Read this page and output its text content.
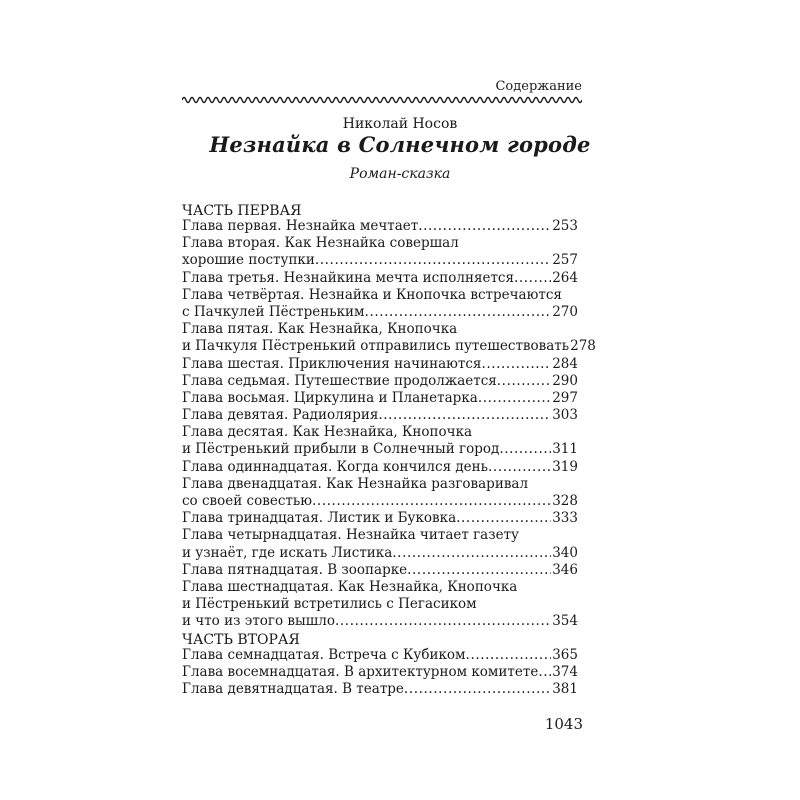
Содержание
Николай Носов
Незнайка в Солнечном городе
Роман-сказка
ЧАСТЬ ПЕРВАЯ
Глава первая. Незнайка мечтает .....	253
Глава вторая. Как Незнайка совершал
хорошие поступки .....	257
Глава третья. Незнайкина мечта исполняется .....	264
Глава четвёртая. Незнайка и Кнопочка встречаются
с Пачкулей Пёстреньким .....	270
Глава пятая. Как Незнайка, Кнопочка
и Пачкуля Пёстренький отправились путешествовать 278
Глава шестая. Приключения начинаются .....	284
Глава седьмая. Путешествие продолжается .....	290
Глава восьмая. Циркулина и Планетарка .....	297
Глава девятая. Радиолярия .....	303
Глава десятая. Как Незнайка, Кнопочка
и Пёстренький прибыли в Солнечный город .....	311
Глава одиннадцатая. Когда кончился день .....	319
Глава двенадцатая. Как Незнайка разговаривал
со своей совестью .....	328
Глава тринадцатая. Листик и Буковка .....	333
Глава четырнадцатая. Незнайка читает газету
и узнаёт, где искать Листика .....	340
Глава пятнадцатая. В зоопарке .....	346
Глава шестнадцатая. Как Незнайка, Кнопочка
и Пёстренький встретились с Пегасиком
и что из этого вышло .....	354
ЧАСТЬ ВТОРАЯ
Глава семнадцатая. Встреча с Кубиком .....	365
Глава восемнадцатая. В архитектурном комитете ..... 374
Глава девятнадцатая. В театре .....	381
1043
